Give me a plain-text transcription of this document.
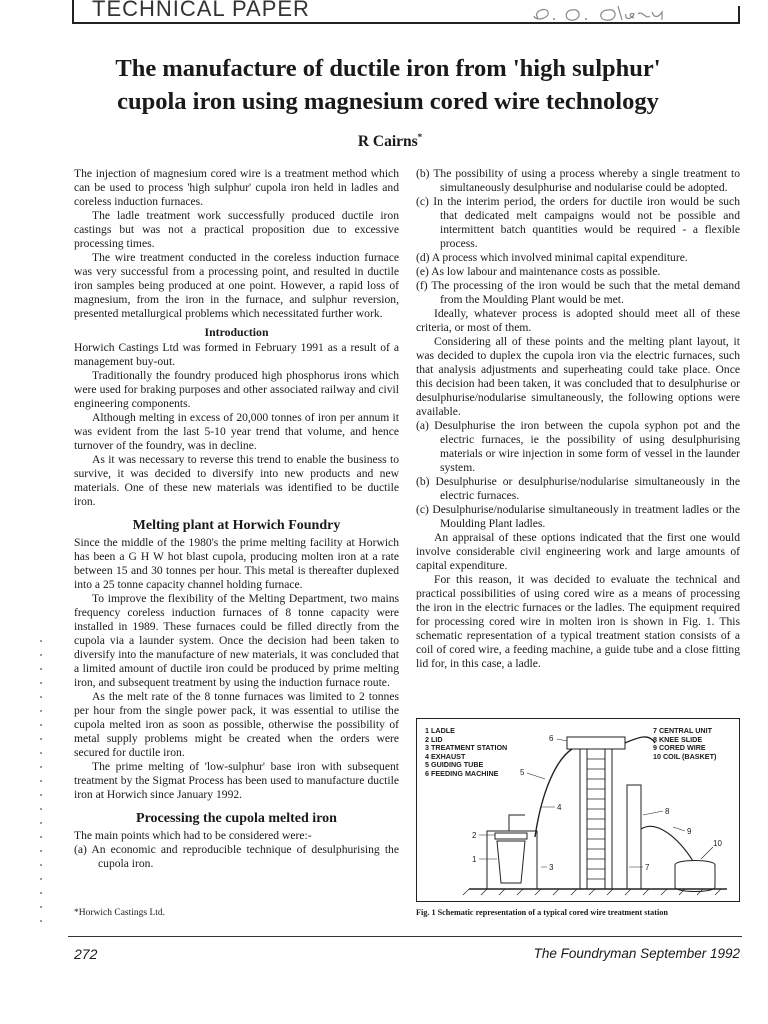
TECHNICAL PAPER
The manufacture of ductile iron from 'high sulphur'
cupola iron using magnesium cored wire technology
R Cairns*

The injection of magnesium cored wire is a treatment method which can be used to process 'high sulphur' cupola iron held in ladles and coreless induction furnaces.

The ladle treatment work successfully produced ductile iron castings but was not a practical proposition due to excessive processing times.

The wire treatment conducted in the coreless induction furnace was very successful from a processing point, and resulted in ductile iron samples being produced at one point. However, a rapid loss of magnesium, from the iron in the furnace, and sulphur reversion, presented metallurgical problems which necessitated further work.

Introduction

Horwich Castings Ltd was formed in February 1991 as a result of a management buy-out.

Traditionally the foundry produced high phosphorus irons which were used for braking purposes and other associated railway and civil engineering components.

Although melting in excess of 20,000 tonnes of iron per annum it was evident from the last 5-10 year trend that volume, and hence turnover of the foundry, was in decline.

As it was necessary to reverse this trend to enable the business to survive, it was decided to diversify into new products and new materials. One of these new materials was identified to be ductile iron.

Melting plant at Horwich Foundry

Since the middle of the 1980's the prime melting facility at Horwich has been a G H W hot blast cupola, producing molten iron at a rate between 15 and 30 tonnes per hour. This metal is thereafter duplexed into a 25 tonne capacity channel holding furnace.

To improve the flexibility of the Melting Department, two mains frequency coreless induction furnaces of 8 tonne capacity were installed in 1989. These furnaces could be filled directly from the cupola via a launder system. Once the decision had been taken to diversify into the manufacture of new materials, it was concluded that a limited amount of ductile iron could be produced by prime melting iron, and subsequent treatment by using the induction furnace route.

As the melt rate of the 8 tonne furnaces was limited to 2 tonnes per hour from the single power pack, it was essential to utilise the cupola melted iron as soon as possible, otherwise the possibility of metal supply problems might be created when the orders were secured for ductile iron.

The prime melting of 'low-sulphur' base iron with subsequent treatment by the Sigmat Process has been used to manufacture ductile iron at Horwich since January 1992.

Processing the cupola melted iron

The main points which had to be considered were:-

(a) An economic and reproducible technique of desulphurising the cupola iron.

*Horwich Castings Ltd.

(b) The possibility of using a process whereby a single treatment to simultaneously desulphurise and nodularise could be adopted.

(c) In the interim period, the orders for ductile iron would be such that dedicated melt campaigns would not be possible and intermittent batch quantities would be required - a flexible process.

(d) A process which involved minimal capital expenditure.

(e) As low labour and maintenance costs as possible.

(f) The processing of the iron would be such that the metal demand from the Moulding Plant would be met.

Ideally, whatever process is adopted should meet all of these criteria, or most of them.

Considering all of these points and the melting plant layout, it was decided to duplex the cupola iron via the electric furnaces, such that analysis adjustments and superheating could take place. Once this decision had been taken, it was concluded that to desulphurise or desulphurise/nodularise simultaneously, the following options were available.

(a) Desulphurise the iron between the cupola syphon pot and the electric furnaces, ie the possibility of using desulphurising materials or wire injection in some form of vessel in the launder system.

(b) Desulphurise or desulphurise/nodularise simultaneously in the electric furnaces.

(c) Desulphurise/nodularise simultaneously in treatment ladles or the Moulding Plant ladles.

An appraisal of these options indicated that the first one would involve considerable civil engineering work and large amounts of capital expenditure.

For this reason, it was decided to evaluate the technical and practical possibilities of using cored wire as a means of processing the iron in the electric furnaces or the ladles. The equipment required for processing cored wire in molten iron is shown in Fig. 1. This schematic representation of a typical treatment station consists of a coil of cored wire, a feeding machine, a guide tube and a close fitting lid for, in this case, a ladle.

1 LADLE
2 LID
3 TREATMENT STATION
4 EXHAUST
5 GUIDING TUBE
6 FEEDING MACHINE
7 CENTRAL UNIT
8 KNEE SLIDE
9 CORED WIRE
10 COIL (BASKET)
1
2
3
4
5
6
7
8
9
10
Fig. 1 Schematic representation of a typical cored wire treatment station
272	The Foundryman September 1992
